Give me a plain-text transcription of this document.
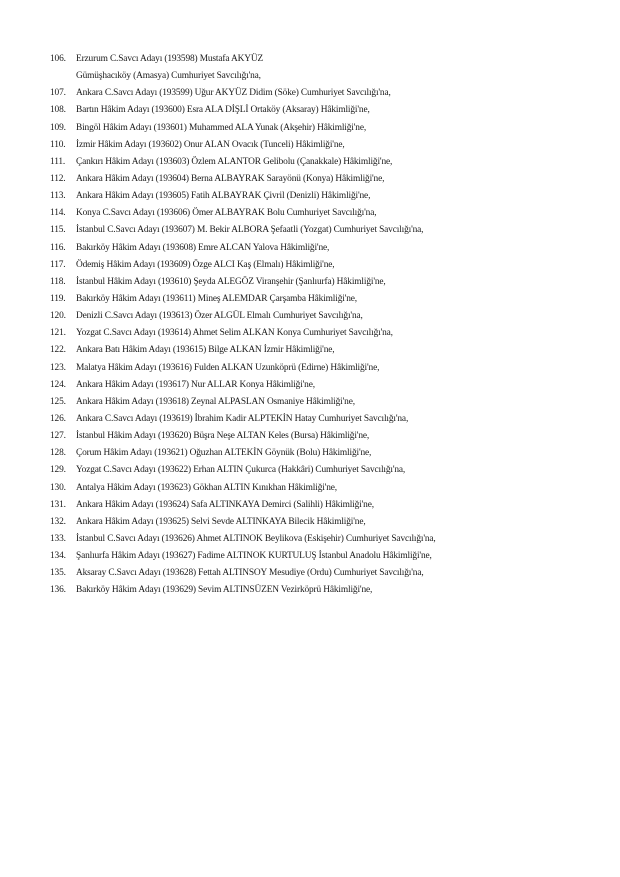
106.	Erzurum C.Savcı Adayı (193598) Mustafa AKYÜZ Gümüşhacıköy (Amasya) Cumhuriyet Savcılığı'na,
107.	Ankara C.Savcı Adayı (193599) Uğur AKYÜZ Didim (Söke) Cumhuriyet Savcılığı'na,
108.	Bartın Hâkim Adayı (193600) Esra ALA DİŞLİ Ortaköy (Aksaray) Hâkimliği'ne,
109.	Bingöl Hâkim Adayı (193601) Muhammed ALA Yunak (Akşehir) Hâkimliği'ne,
110.	İzmir Hâkim Adayı (193602) Onur ALAN Ovacık (Tunceli) Hâkimliği'ne,
111.	Çankırı Hâkim Adayı (193603) Özlem ALANTOR Gelibolu (Çanakkale) Hâkimliği'ne,
112.	Ankara Hâkim Adayı (193604) Berna ALBAYRAK Sarayönü (Konya) Hâkimliği'ne,
113.	Ankara Hâkim Adayı (193605) Fatih ALBAYRAK Çivril (Denizli) Hâkimliği'ne,
114.	Konya C.Savcı Adayı (193606) Ömer ALBAYRAK Bolu Cumhuriyet Savcılığı'na,
115.	İstanbul C.Savcı Adayı (193607) M. Bekir ALBORA Şefaatli (Yozgat) Cumhuriyet Savcılığı'na,
116.	Bakırköy Hâkim Adayı (193608) Emre ALCAN Yalova Hâkimliği'ne,
117.	Ödemiş Hâkim Adayı (193609) Özge ALCI Kaş (Elmalı) Hâkimliği'ne,
118.	İstanbul Hâkim Adayı (193610) Şeyda ALEGÖZ Viranşehir (Şanlıurfa) Hâkimliği'ne,
119.	Bakırköy Hâkim Adayı (193611) Mineş ALEMDAR Çarşamba Hâkimliği'ne,
120.	Denizli C.Savcı Adayı (193613) Özer ALGÜL Elmalı Cumhuriyet Savcılığı'na,
121.	Yozgat C.Savcı Adayı (193614) Ahmet Selim ALKAN Konya Cumhuriyet Savcılığı'na,
122.	Ankara Batı Hâkim Adayı (193615) Bilge ALKAN İzmir Hâkimliği'ne,
123.	Malatya Hâkim Adayı (193616) Fulden ALKAN Uzunköprü (Edirne) Hâkimliği'ne,
124.	Ankara Hâkim Adayı (193617) Nur ALLAR Konya Hâkimliği'ne,
125.	Ankara Hâkim Adayı (193618) Zeynal ALPASLAN Osmaniye Hâkimliği'ne,
126.	Ankara C.Savcı Adayı (193619) İbrahim Kadir ALPTEKİN Hatay Cumhuriyet Savcılığı'na,
127.	İstanbul Hâkim Adayı (193620) Büşra Neşe ALTAN Keles (Bursa) Hâkimliği'ne,
128.	Çorum Hâkim Adayı (193621) Oğuzhan ALTEKİN Göynük (Bolu) Hâkimliği'ne,
129.	Yozgat C.Savcı Adayı (193622) Erhan ALTIN Çukurca (Hakkâri) Cumhuriyet Savcılığı'na,
130.	Antalya Hâkim Adayı (193623) Gökhan ALTIN Kınıkhan Hâkimliği'ne,
131.	Ankara Hâkim Adayı (193624) Safa ALTINKAYA Demirci (Salihli) Hâkimliği'ne,
132.	Ankara Hâkim Adayı (193625) Selvi Sevde ALTINKAYA Bilecik Hâkimliği'ne,
133.	İstanbul C.Savcı Adayı (193626) Ahmet ALTINOK Beylikova (Eskişehir) Cumhuriyet Savcılığı'na,
134.	Şanlıurfa Hâkim Adayı (193627) Fadime ALTINOK KURTULUŞ İstanbul Anadolu Hâkimliği'ne,
135.	Aksaray C.Savcı Adayı (193628) Fettah ALTINSOY Mesudiye (Ordu) Cumhuriyet Savcılığı'na,
136.	Bakırköy Hâkim Adayı (193629) Sevim ALTINSÜZEN Vezirköprü Hâkimliği'ne,
